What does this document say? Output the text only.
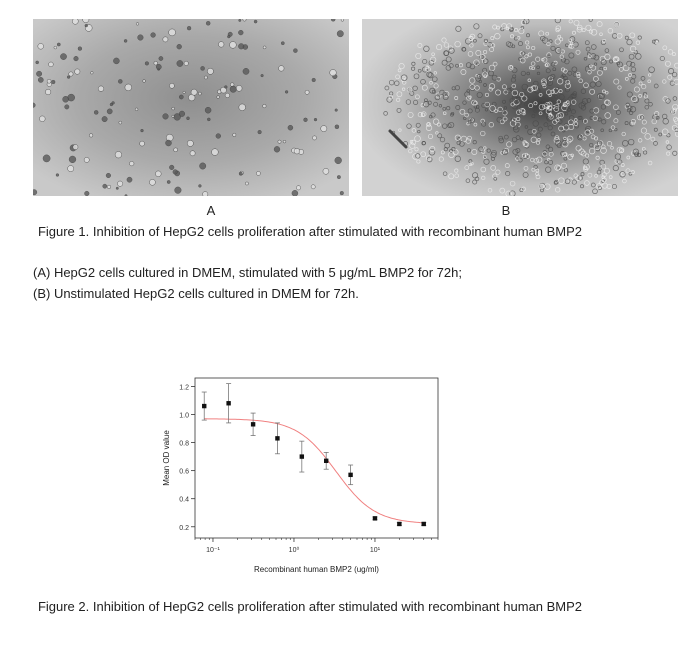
A	B
Figure 1. Inhibition of HepG2 cells proliferation after stimulated with recombinant human BMP2
(A) HepG2 cells cultured in DMEM, stimulated with 5 μg/mL BMP2 for 72h;
(B) Unstimulated HepG2 cells cultured in DMEM for 72h.
0.2
0.4
0.6
0.8
1.0
1.2
10⁻¹	10⁰	10¹
Recombinant human BMP2 (ug/ml)
Mean OD value
Figure 2. Inhibition of HepG2 cells proliferation after stimulated with recombinant human BMP2
